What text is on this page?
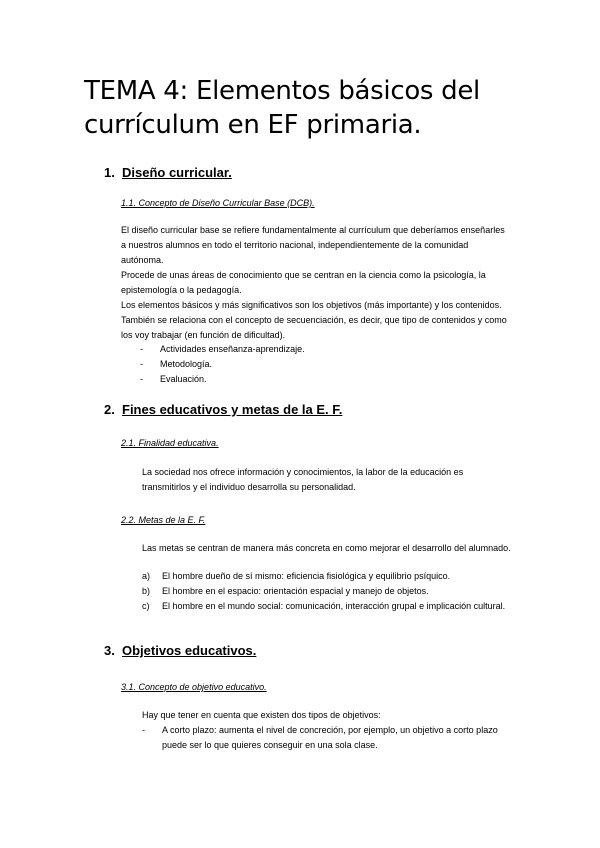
TEMA 4: Elementos básicos del currículum en EF primaria.
1. Diseño curricular.

1.1. Concepto de Diseño Curricular Base (DCB).

El diseño curricular base se refiere fundamentalmente al currículum que deberíamos enseñarles a nuestros alumnos en todo el territorio nacional, independientemente de la comunidad autónoma.

Procede de unas áreas de conocimiento que se centran en la ciencia como la psicología, la epistemología o la pedagogía.

Los elementos básicos y más significativos son los objetivos (más importante) y los contenidos. También se relaciona con el concepto de secuenciación, es decir, que tipo de contenidos y como los voy trabajar (en función de dificultad).

- Actividades enseñanza-aprendizaje.
- Metodología.
- Evaluación.
2. Fines educativos y metas de la E. F.

2.1. Finalidad educativa.

La sociedad nos ofrece información y conocimientos, la labor de la educación es transmitirlos y el individuo desarrolla su personalidad.

2.2. Metas de la E. F.

Las metas se centran de manera más concreta en como mejorar el desarrollo del alumnado.

a) El hombre dueño de sí mismo: eficiencia fisiológica y equilibrio psíquico.
b) El hombre en el espacio: orientación espacial y manejo de objetos.
c) El hombre en el mundo social: comunicación, interacción grupal e implicación cultural.
3. Objetivos educativos.

3.1. Concepto de objetivo educativo.

Hay que tener en cuenta que existen dos tipos de objetivos:

- A corto plazo: aumenta el nivel de concreción, por ejemplo, un objetivo a corto plazo puede ser lo que quieres conseguir en una sola clase.
